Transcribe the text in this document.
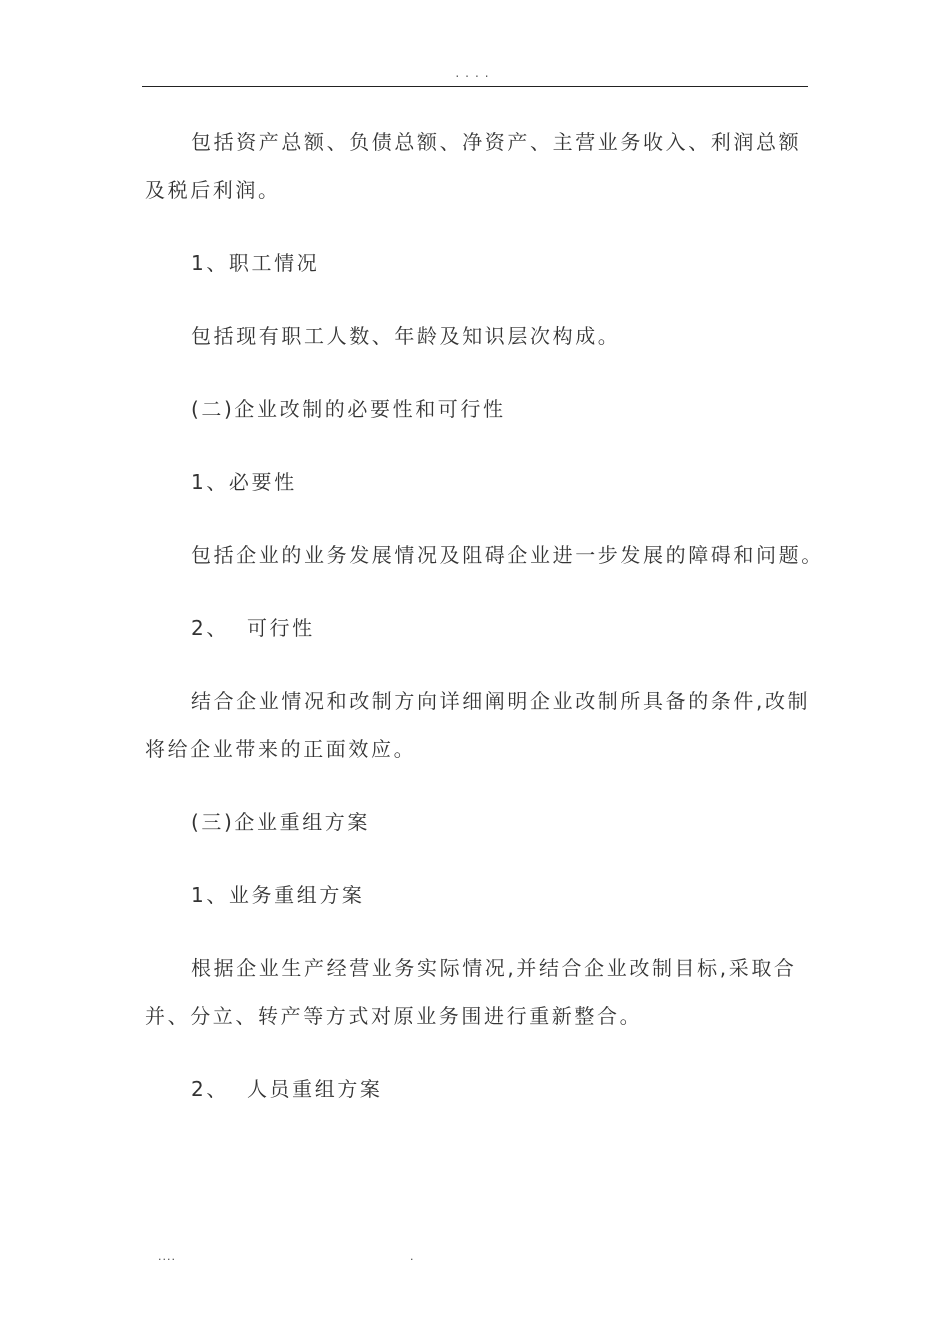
....

包括资产总额、负债总额、净资产、主营业务收入、利润总额及税后利润。

1、职工情况

包括现有职工人数、年龄及知识层次构成。

(二)企业改制的必要性和可行性

1、必要性

包括企业的业务发展情况及阻碍企业进一步发展的障碍和问题。

2、 可行性

结合企业情况和改制方向详细阐明企业改制所具备的条件,改制将给企业带来的正面效应。

(三)企业重组方案

1、业务重组方案

根据企业生产经营业务实际情况,并结合企业改制目标,采取合并、分立、转产等方式对原业务围进行重新整合。

2、 人员重组方案

....	.
